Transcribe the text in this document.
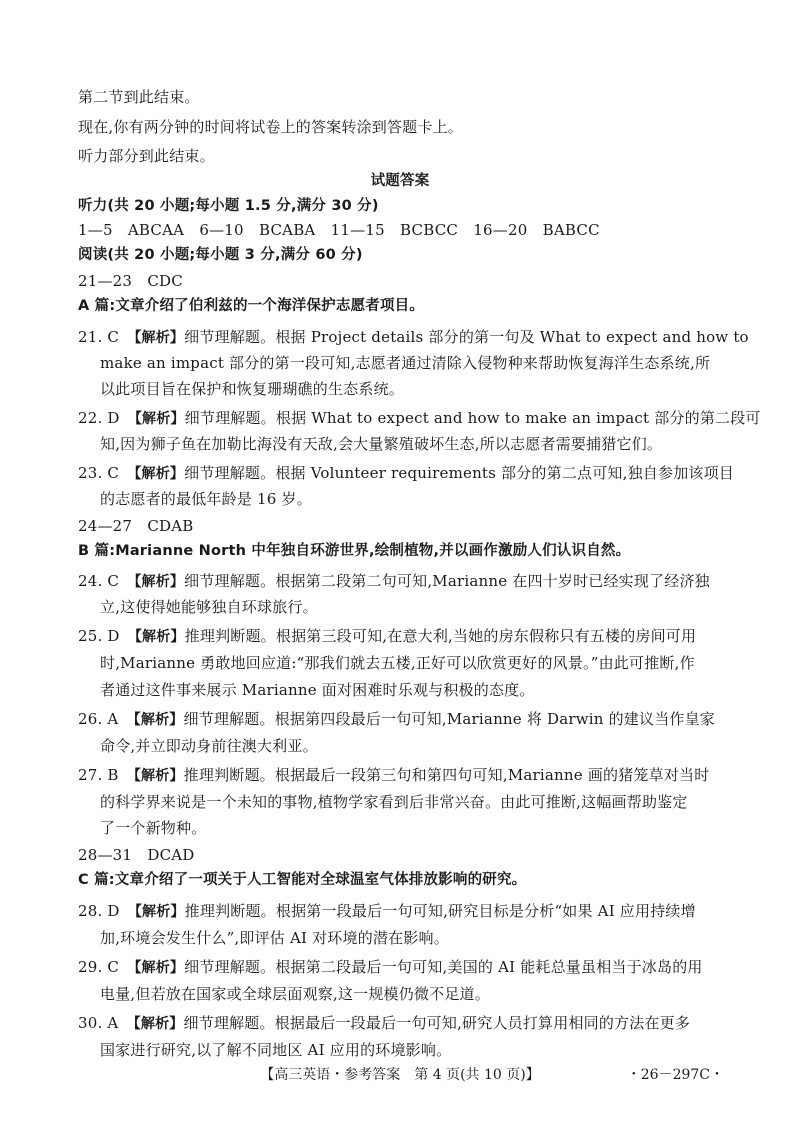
第二节到此结束。
现在,你有两分钟的时间将试卷上的答案转涂到答题卡上。
听力部分到此结束。
试题答案
听力(共 20 小题;每小题 1.5 分,满分 30 分)
1—5　ABCAA　6—10　BCABA　11—15　BCBCC　16—20　BABCC
阅读(共 20 小题;每小题 3 分,满分 60 分)
21—23　CDC
A 篇:文章介绍了伯利兹的一个海洋保护志愿者项目。
21. C　 【解析】细节理解题。根据 Project details 部分的第一句及 What to expect and how to
make an impact 部分的第一段可知,志愿者通过清除入侵物种来帮助恢复海洋生态系统,所
以此项目旨在保护和恢复珊瑚礁的生态系统。
22. D　 【解析】细节理解题。根据 What to expect and how to make an impact 部分的第二段可
知,因为狮子鱼在加勒比海没有天敌,会大量繁殖破坏生态,所以志愿者需要捕猎它们。
23. C　 【解析】细节理解题。根据 Volunteer requirements 部分的第二点可知,独自参加该项目
的志愿者的最低年龄是 16 岁。
24—27　CDAB
B 篇:Marianne North 中年独自环游世界,绘制植物,并以画作激励人们认识自然。
24. C　 【解析】细节理解题。根据第二段第二句可知,Marianne 在四十岁时已经实现了经济独
立,这使得她能够独自环球旅行。
25. D　 【解析】推理判断题。根据第三段可知,在意大利,当她的房东假称只有五楼的房间可用
时,Marianne 勇敢地回应道:“那我们就去五楼,正好可以欣赏更好的风景。”由此可推断,作
者通过这件事来展示 Marianne 面对困难时乐观与积极的态度。
26. A　 【解析】细节理解题。根据第四段最后一句可知,Marianne 将 Darwin 的建议当作皇家
命令,并立即动身前往澳大利亚。
27. B　 【解析】推理判断题。根据最后一段第三句和第四句可知,Marianne 画的猪笼草对当时
的科学界来说是一个未知的事物,植物学家看到后非常兴奋。由此可推断,这幅画帮助鉴定
了一个新物种。
28—31　DCAD
C 篇:文章介绍了一项关于人工智能对全球温室气体排放影响的研究。
28. D　 【解析】推理判断题。根据第一段最后一句可知,研究目标是分析“如果 AI 应用持续增
加,环境会发生什么”,即评估 AI 对环境的潜在影响。
29. C　 【解析】细节理解题。根据第二段最后一句可知,美国的 AI 能耗总量虽相当于冰岛的用
电量,但若放在国家或全球层面观察,这一规模仍微不足道。
30. A　 【解析】细节理解题。根据最后一段最后一句可知,研究人员打算用相同的方法在更多
国家进行研究,以了解不同地区 AI 应用的环境影响。
【高三英语・参考答案　第 4 页(共 10 页)】	・26－297C・
